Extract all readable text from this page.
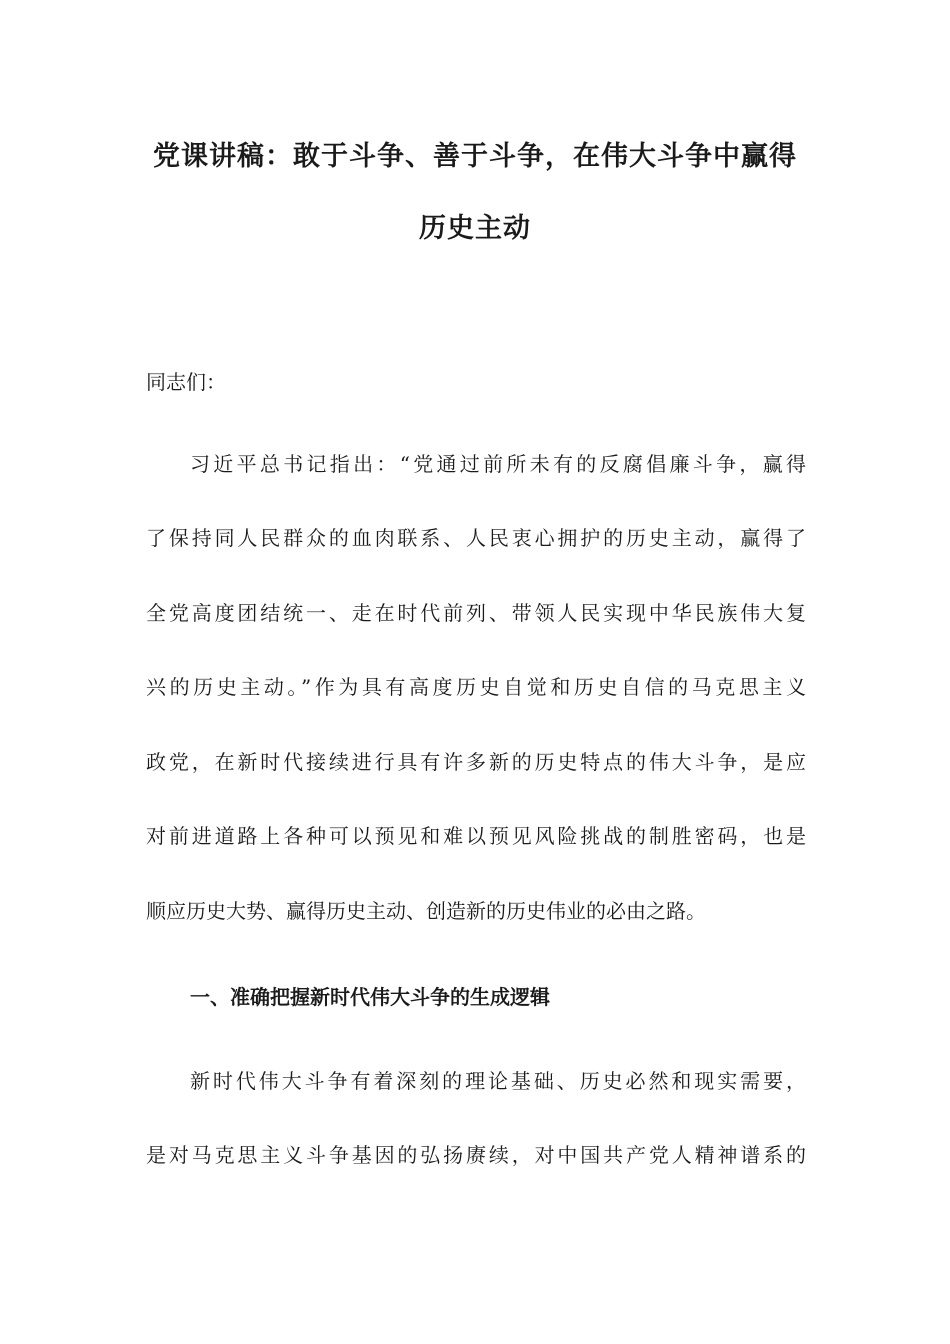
党课讲稿：敢于斗争、善于斗争，在伟大斗争中赢得
历史主动
同志们：
习近平总书记指出：“党通过前所未有的反腐倡廉斗争，赢得
了保持同人民群众的血肉联系、人民衷心拥护的历史主动，赢得了
全党高度团结统一、走在时代前列、带领人民实现中华民族伟大复
兴的历史主动。”作为具有高度历史自觉和历史自信的马克思主义
政党，在新时代接续进行具有许多新的历史特点的伟大斗争，是应
对前进道路上各种可以预见和难以预见风险挑战的制胜密码，也是
顺应历史大势、赢得历史主动、创造新的历史伟业的必由之路。
一、准确把握新时代伟大斗争的生成逻辑
新时代伟大斗争有着深刻的理论基础、历史必然和现实需要，
是对马克思主义斗争基因的弘扬赓续，对中国共产党人精神谱系的
